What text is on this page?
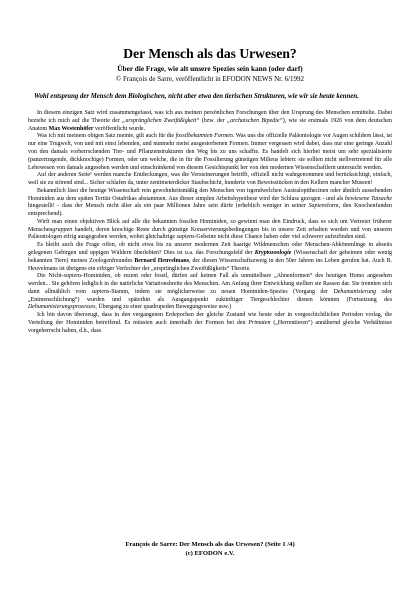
Der Mensch als das Urwesen?
Über die Frage, wie alt unsere Spezies sein kann (oder darf)
© François de Sarre, veröffentlicht in EFODON NEWS Nr. 6/1992
Wohl entsprang der Mensch dem Biologischen, nicht aber etwa den tierischen Strukturen, wie wir sie heute kennen.

In diesem einzigen Satz wird zusammengefasst, was ich aus meinen persönlichen Forschungen über den Ursprung des Menschen ermittelte. Dabei beziehe ich mich auf die Theorie der „ursprünglichen Zweifüßigkeit“ (bzw. der „archaischen Bipedie“), wie sie erstmals 1926 von dem deutschen Anatom Max Westenhöfer veröffentlicht wurde.

Was ich mit meinem obigen Satz meinte, gilt auch für die fossilbekannten Formen. Was uns die offizielle Paläontologie vor Augen schildern lässt, ist nur eine Trugwelt, von und mit einst lebenden, und nunmehr meist ausgestorbenen Formen. Immer vergessen wird dabei, dass nur eine geringe Anzahl von den damals vorherrschenden Tier- und Pflanzenstrukturen den Weg bis zu uns schaffte. Es handelt sich hierbei meist um sehr spezialisierte (panzertragende, dickknochige) Formen, oder um welche, die in für die Fossilierung günstigen Milieus lebten: sie sollten nicht stellvertretend für alle Lebewesen von damals angesehen werden und einschränkend von diesem Gesichtspunkt her von den modernen Wissenschaftlern untersucht werden.

Auf der anderen Seite¹ werden manche Entdeckungen, was die Versteinerungen betrifft, offiziell nicht wahrgenommen und berücksichtigt, einfach, weil sie zu störend sind... Sicher schlafen da, unter zentimeterdicker Staubschicht, hunderte von Beweisstücken in den Kellern mancher Museen!

Bekanntlich lässt die heutige Wissenschaft rein gewohnheitsmäßig den Menschen von irgendwelchen Australopithecinen oder ähnlich aussehenden Hominiden aus dem späten Tertiär Ostafrikas abstammen. Aus dieser simplen Arbeitshypothese wird der Schluss gezogen - und als bewiesene Tatsache hingestellt! - dass der Mensch nicht älter als ein paar Millionen Jahre sein dürfe (erheblich weniger in seiner Sapiensform, den Knochenfunden entsprechend).

Wirft man einen objektiven Blick auf alle die bekannten fossilen Hominiden, so gewinnt man den Eindruck, dass es sich um Vertreter früherer Menschengruppen handelt, deren knochige Reste durch günstige Konservierungsbedingungen bis in unsere Zeit erhalten wurden und von unseren Paläontologen eifrig ausgegraben werden, wobei gleichaltrige sapiens-Gebeine nicht diese Chance haben oder viel schwerer aufzufinden sind.

Es bleibt auch die Frage offen, ob nicht etwa bis zu unserer modernen Zeit haarige Wildmenschen oder Menschen-Abkömmlinge in abseits gelegenen Gebirgen und uppigen Wäldern überlebten? Dies ist u.a. das Forschungsfeld der Kryptozoologie (Wissenschaft der geheimen oder wenig bekannten Tiere) meines Zoologenfreundes Bernard Heuvelmans, der diesen Wissenschaftszweig in den 50er Jahren ins Leben gerufen hat. Auch B. Heuvelmans ist übrigens ein eifriger Verfechter der „ursprünglichen Zweifüßigkeits“ Theorie.

Die Nicht-sapiens-Hominiden, ob rezent oder fossil, dürfen auf keinen Fall als unmittelbare „Ahnenformen“ des heutigen Homo angesehen werden... Sie gehören lediglich in die natürliche Variationsbreite des Menschen. Am Anfang ihrer Entwicklung stellten sie Rassen dar. Sie trennten sich dann allmählich vom sapiens-Stamm, indem sie möglicherweise zu neuen Hominiden-Spezies (Vorgang der Dehumanisierung oder „Entmenschlichung“) wurden und späterhin als Ausgangspunkt zukünftiger Tiergeschlechter dienen könnten (Fortsetzung des Dehumanisierungsprozesses, Übergang zu einer quadrupeden Bewegungsweise usw.)

Ich bin davon überzeugt, dass in den vergangenen Erdepochen der gleiche Zustand wie heute oder in vorgeschichtlichen Perioden vorlag, die Verteilung der Hominiden betreffend. Es müssten auch innerhalb der Formen bei den Primaten („Herrentieren“) annähernd gleiche Verhältnisse vorgeherrscht haben, d.h., dass

François de Sarre: Der Mensch als das Urwesen? (Seite 1 /4)
(c) EFODON e.V.
